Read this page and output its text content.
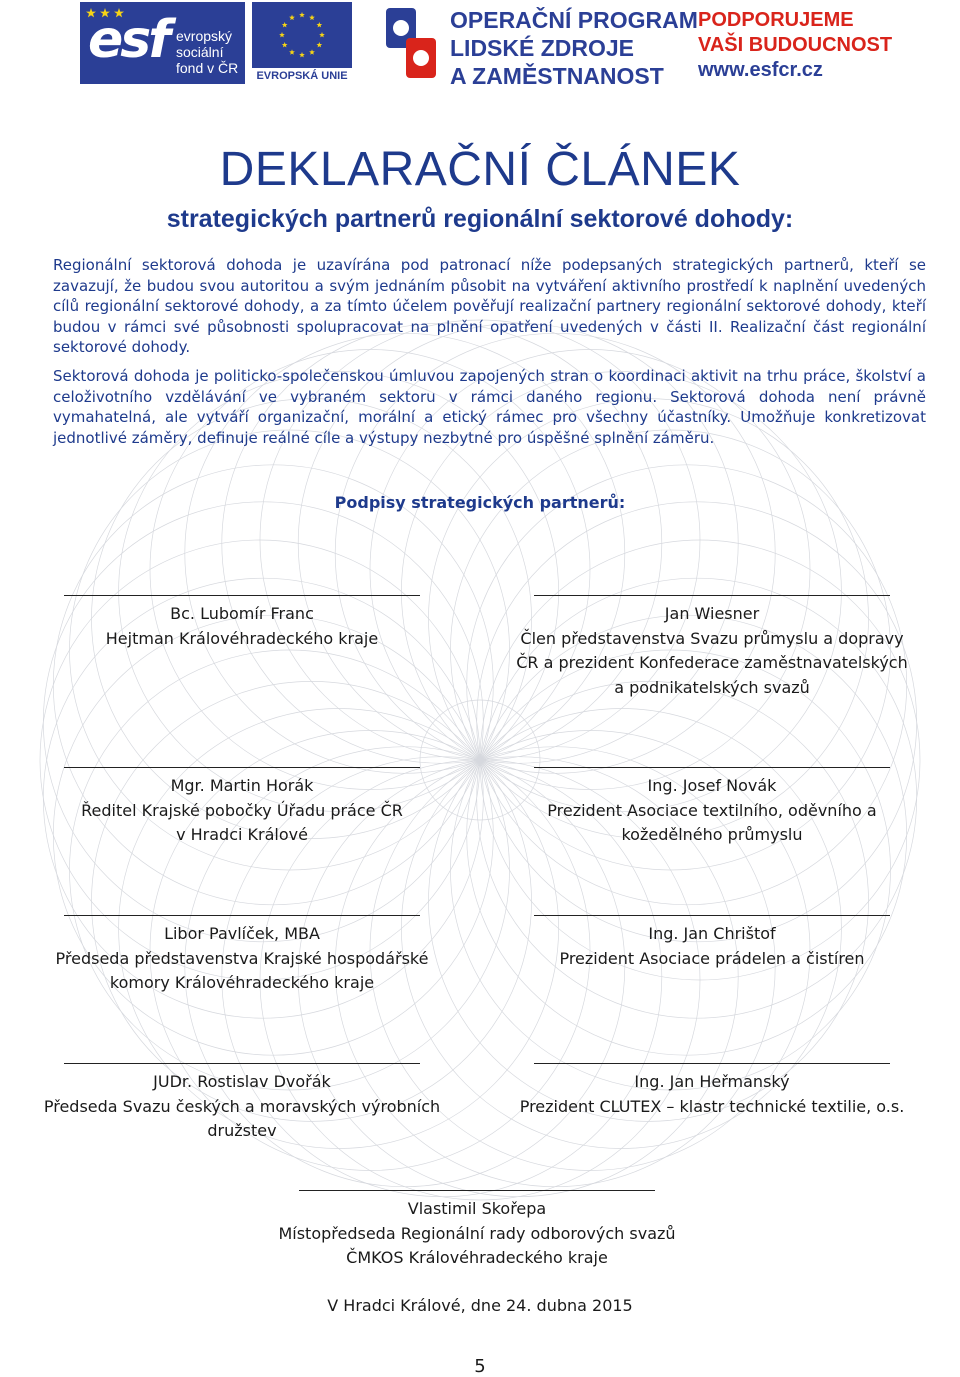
esf evropský
sociální
fond v ČR	EVROPSKÁ UNIE
OPERAČNÍ PROGRAM
LIDSKÉ ZDROJE
A ZAMĚSTNANOST
PODPORUJEME
VAŠI BUDOUCNOST
www.esfcr.cz
DEKLARAČNÍ ČLÁNEK
strategických partnerů regionální sektorové dohody:
Regionální sektorová dohoda je uzavírána pod patronací níže podepsaných strategických partnerů, kteří se zavazují, že budou svou autoritou a svým jednáním působit na vytváření aktivního prostředí k naplnění uvedených cílů regionální sektorové dohody, a za tímto účelem pověřují realizační partnery regionální sektorové dohody, kteří budou v rámci své působnosti spolupracovat na plnění opatření uvedených v části II. Realizační část regionální sektorové dohody.
Sektorová dohoda je politicko-společenskou úmluvou zapojených stran o koordinaci aktivit na trhu práce, školství a celoživotního vzdělávání ve vybraném sektoru v rámci daného regionu. Sektorová dohoda není právně vymahatelná, ale vytváří organizační, morální a etický rámec pro všechny účastníky. Umožňuje konkretizovat jednotlivé záměry, definuje reálné cíle a výstupy nezbytné pro úspěšné splnění záměru.
Podpisy strategických partnerů:
Bc. Lubomír Franc
Hejtman Královéhradeckého kraje
Jan Wiesner
Člen představenstva Svazu průmyslu a dopravy
ČR a prezident Konfederace zaměstnavatelských
a podnikatelských svazů
Mgr. Martin Horák
Ředitel Krajské pobočky Úřadu práce ČR
v Hradci Králové
Ing. Josef Novák
Prezident Asociace textilního, oděvního a
kožedělného průmyslu
Libor Pavlíček, MBA
Předseda představenstva Krajské hospodářské
komory Královéhradeckého kraje
Ing. Jan Chrištof
Prezident Asociace prádelen a čistíren
JUDr. Rostislav Dvořák
Předseda Svazu českých a moravských výrobních
družstev
Ing. Jan Heřmanský
Prezident CLUTEX – klastr technické textilie, o.s.
Vlastimil Skořepa
Místopředseda Regionální rady odborových svazů
ČMKOS Královéhradeckého kraje
V Hradci Králové, dne 24. dubna 2015
5
